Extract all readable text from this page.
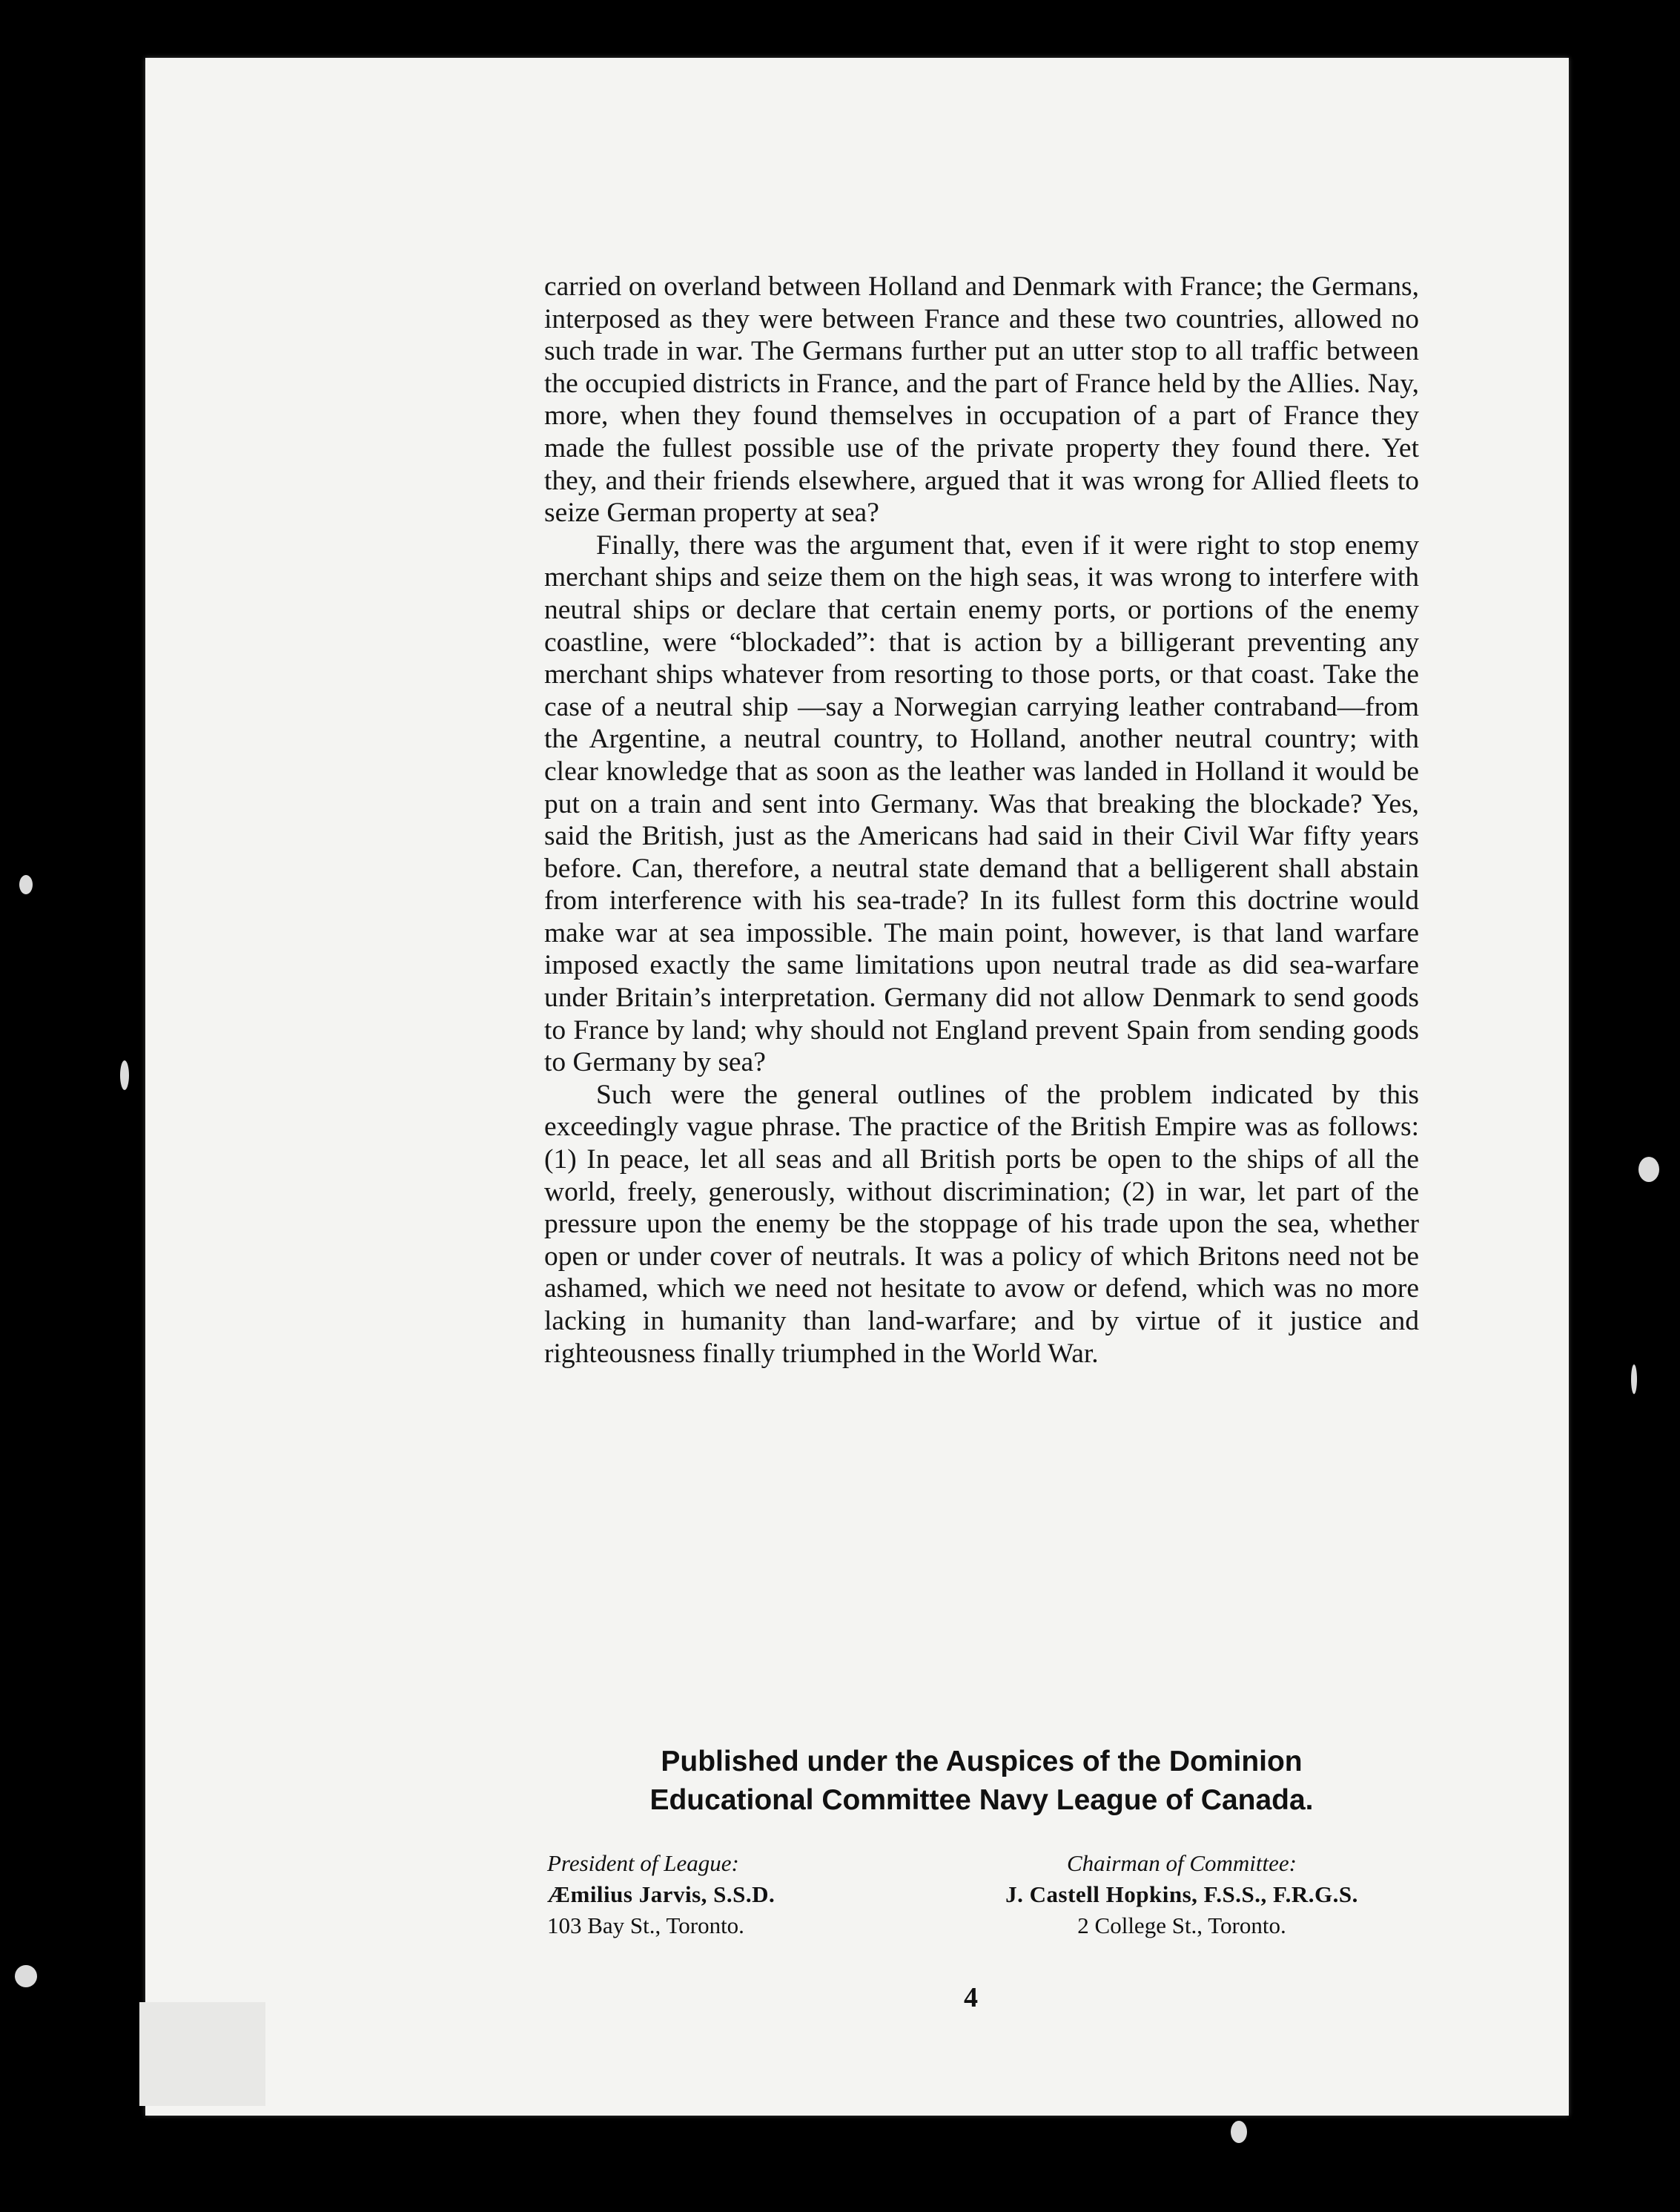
carried on overland between Holland and Denmark with France; the Germans, interposed as they were between France and these two countries, allowed no such trade in war. The Germans further put an utter stop to all traffic between the occupied districts in France, and the part of France held by the Allies. Nay, more, when they found themselves in occupation of a part of France they made the fullest possible use of the private property they found there. Yet they, and their friends elsewhere, argued that it was wrong for Allied fleets to seize German property at sea?

Finally, there was the argument that, even if it were right to stop enemy merchant ships and seize them on the high seas, it was wrong to interfere with neutral ships or declare that certain enemy ports, or portions of the enemy coastline, were “blockaded”: that is action by a billigerant preventing any merchant ships whatever from resorting to those ports, or that coast. Take the case of a neutral ship —say a Norwegian carrying leather contraband—from the Argentine, a neutral country, to Holland, another neutral country; with clear knowledge that as soon as the leather was landed in Holland it would be put on a train and sent into Germany. Was that breaking the blockade? Yes, said the British, just as the Americans had said in their Civil War fifty years before. Can, therefore, a neutral state demand that a belligerent shall abstain from interference with his sea-trade? In its fullest form this doctrine would make war at sea impossible. The main point, however, is that land warfare imposed exactly the same limitations upon neutral trade as did sea-warfare under Britain’s interpretation. Germany did not allow Denmark to send goods to France by land; why should not England prevent Spain from sending goods to Germany by sea?

Such were the general outlines of the problem indicated by this exceedingly vague phrase. The practice of the British Empire was as follows: (1) In peace, let all seas and all British ports be open to the ships of all the world, freely, generously, without discrimination; (2) in war, let part of the pressure upon the enemy be the stoppage of his trade upon the sea, whether open or under cover of neutrals. It was a policy of which Britons need not be ashamed, which we need not hesitate to avow or defend, which was no more lacking in humanity than land-warfare; and by virtue of it justice and righteousness finally triumphed in the World War.

Published under the Auspices of the Dominion

Educational Committee Navy League of Canada.

President of League:
Æmilius Jarvis, S.S.D.
103 Bay St., Toronto.
Chairman of Committee:
J. Castell Hopkins, F.S.S., F.R.G.S.
2 College St., Toronto.
4
